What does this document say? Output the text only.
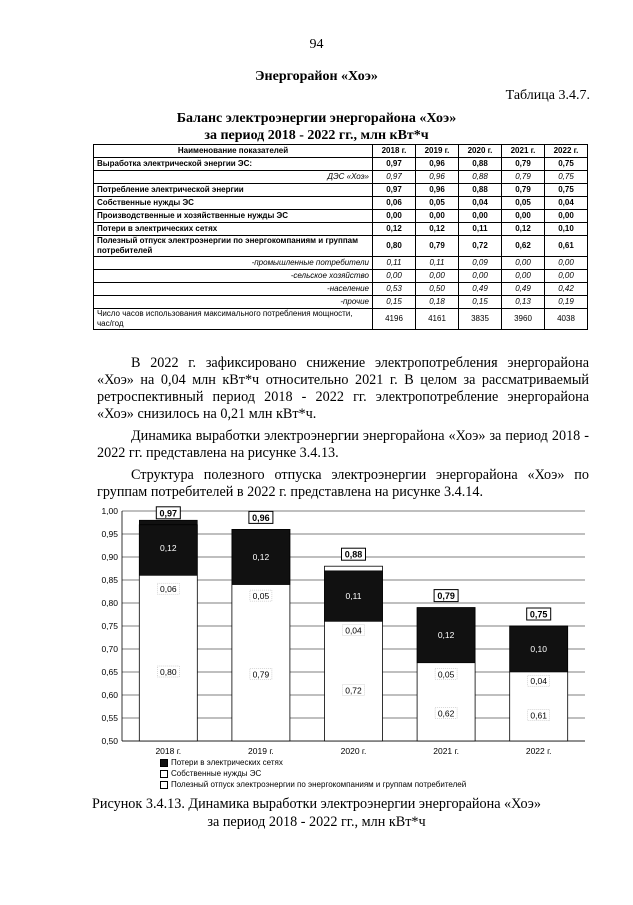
94
Энергорайон «Хоэ»
Таблица 3.4.7.
Баланс электроэнергии энергорайона «Хоэ»
за период 2018 - 2022 гг., млн кВт*ч
Наименование показателей	2018 г.	2019 г.	2020 г.	2021 г.	2022 г.
Выработка электрической энергии ЭС:	0,97	0,96	0,88	0,79	0,75
ДЭС «Хоэ»	0,97	0,96	0,88	0,79	0,75
Потребление электрической энергии	0,97	0,96	0,88	0,79	0,75
Собственные нужды ЭС	0,06	0,05	0,04	0,05	0,04
Производственные и хозяйственные нужды ЭС	0,00	0,00	0,00	0,00	0,00
Потери в электрических сетях	0,12	0,12	0,11	0,12	0,10
Полезный отпуск электроэнергии по энергокомпаниям и группам потребителей	0,80	0,79	0,72	0,62	0,61
-промышленные потребители	0,11	0,11	0,09	0,00	0,00
-сельское хозяйство	0,00	0,00	0,00	0,00	0,00
-население	0,53	0,50	0,49	0,49	0,42
-прочие	0,15	0,18	0,15	0,13	0,19
Число часов использования максимального потребления мощности, час/год	4196	4161	3835	3960	4038

В 2022 г. зафиксировано снижение электропотребления энергорайона «Хоэ» на 0,04 млн кВт*ч относительно 2021 г. В целом за рассматриваемый ретроспективный период 2018 - 2022 гг. электропотребление энергорайона «Хоэ» снизилось на 0,21 млн кВт*ч.

Динамика выработки электроэнергии энергорайона «Хоэ» за период 2018 - 2022 гг. представлена на рисунке 3.4.13.

Структура полезного отпуска электроэнергии энергорайона «Хоэ» по группам потребителей в 2022 г. представлена на рисунке 3.4.14.

0,50
0,55
0,60
0,65
0,70
0,75
0,80
0,85
0,90
0,95
1,00
0,80
0,06
0,12
0,97
2018 г.
0,79
0,05
0,12
0,96
2019 г.
0,72
0,04
0,11
0,88
2020 г.
0,62
0,05
0,12
0,79
2021 г.
0,61
0,04
0,10
0,75
2022 г.
Потери в электрических сетях
Собственные нужды ЭС
Полезный отпуск электроэнергии по энергокомпаниям и группам потребителей
Рисунок 3.4.13. Динамика выработки электроэнергии энергорайона «Хоэ»
за период 2018 - 2022 гг., млн кВт*ч
